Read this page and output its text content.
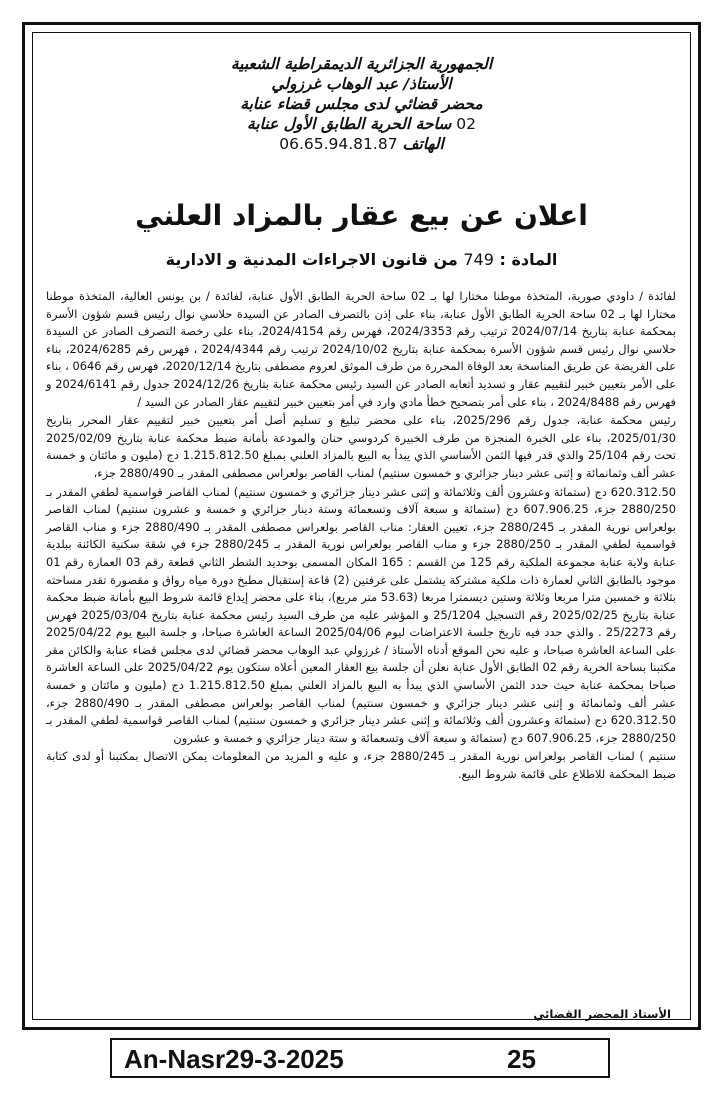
الجمهورية الجزائرية الديمقراطية الشعبية
الأستاذ/ عبد الوهاب غرزولي
محضر قضائي لدى مجلس قضاء عنابة
02 ساحة الحرية الطابق الأول عنابة
الهاتف 06.65.94.81.87
اعلان عن بيع عقار بالمزاد العلني
المادة : 749 من قانون الاجراءات المدنية و الادارية

لفائدة / داودي صورية، المتخذة موطنا مختارا لها بـ 02 ساحة الحرية الطابق الأول عنابة، لفائدة / بن يونس العالية، المتخذة موطنا مختارا لها بـ 02 ساحة الحرية الطابق الأول عنابة، بناء على إذن بالتصرف الصادر عن السيدة حلاسي نوال رئيس قسم شؤون الأسرة بمحكمة عنابة بتاريخ 2024/07/14 ترتيب رقم 2024/3353، فهرس رقم 2024/4154، بناء على رخصة التصرف الصادر عن السيدة حلاسي نوال رئيس قسم شؤون الأسرة بمحكمة عنابة بتاريخ 2024/10/02 ترتيب رقم 2024/4344 ، فهرس رقم 2024/6285، بناء على الفريضة عن طريق المناسخة بعد الوفاة المحررة من طرف الموثق لعروم مصطفى بتاريخ 2020/12/14، فهرس رقم 0646 ، بناء على الأمر بتعيين خبير لتقييم عقار و تسديد أتعابه الصادر عن السيد رئيس محكمة عنابة بتاريخ 2024/12/26 جدول رقم 2024/6141 و فهرس رقم 2024/8488 ، بناء على أمر بتصحيح خطأ مادي وارد في أمر بتعيين خبير لتقييم عقار الصادر عن السيد /

رئيس محكمة عنابة، جدول رقم 2025/296، بناء على محضر تبليغ و تسليم أصل أمر بتعيين خبير لتقييم عقار المحرر بتاريخ 2025/01/30، بناء على الخبرة المنجزة من طرف الخبيرة كردوسي حنان والمودعة بأمانة ضبط محكمة عنابة بتاريخ 2025/02/09 تحت رقم 25/104 والذي قدر فيها الثمن الأساسي الذي يبدأ به البيع بالمزاد العلني بمبلغ 1.215.812.50 دج (مليون و مائتان و خمسة عشر ألف وثمانمائة و إثنى عشر دينار جزائري و خمسون سنتيم) لمناب القاصر بولعراس مصطفى المقدر بـ 2880/490 جزء،

620.312.50 دج (ستمائة وعشرون ألف وثلاثمائة و إثنى عشر دينار جزائري و خمسون سنتيم) لمناب القاصر قواسمية لطفي المقدر بـ 2880/250 جزء، 607.906.25 دج (ستمائة و سبعة آلاف وتسعمائة وستة دينار جزائري و خمسة و عشرون سنتيم) لمناب القاصر بولعراس نورية المقدر بـ 2880/245 جزء، تعيين العقار: مناب القاصر بولعراس مصطفى المقدر بـ 2880/490 جزء و مناب القاصر قواسمية لطفي المقدر بـ 2880/250 جزء و مناب القاصر بولعراس نورية المقدر بـ 2880/245 جزء في شقة سكنية الكائنة ببلدية عنابة ولاية عنابة مجموعة الملكية رقم 125 من القسم : 165 المكان المسمى بوحديد الشطر الثاني قطعة رقم 03 العمارة رقم 01 موجود بالطابق الثاني لعمارة ذات ملكية مشتركة يشتمل على غرفتين (2) قاعة إستقبال مطبخ دورة مياه رواق و مقصورة تقدر مساحته بثلاثة و خمسين مترا مربعا وثلاثة وستين ديسمترا مربعا (53.63 متر مربع)، بناء على محضر إيداع قائمة شروط البيع بأمانة ضبط محكمة عنابة بتاريخ 2025/02/25 رقم التسجيل 25/1204 و المؤشر عليه من طرف السيد رئيس محكمة عنابة بتاريخ 2025/03/04 فهرس رقم 25/2273 . والذي حدد فيه تاريخ جلسة الاعتراضات ليوم 2025/04/06 الساعة العاشرة صباحا، و جلسة البيع يوم 2025/04/22 على الساعة العاشرة صباحا، و عليه نحن الموقع أدناه الأستاذ / غرزولي عبد الوهاب محضر قضائي لدى مجلس قضاء عنابة والكائن مقر مكتبنا بساحة الحرية رقم 02 الطابق الأول عنابة نعلن أن جلسة بيع العقار المعين أعلاه ستكون يوم 2025/04/22 على الساعة العاشرة صباحا بمحكمة عنابة حيث حدد الثمن الأساسي الذي يبدأ به البيع بالمزاد العلني بمبلغ 1.215.812.50 دج (مليون و مائتان و خمسة عشر ألف وثمانمائة و إثنى عشر دينار جزائري و خمسون سنتيم) لمناب القاصر بولعراس مصطفى المقدر بـ 2880/490 جزء، 620.312.50 دج (ستمائة وعشرون ألف وثلاثمائة و إثنى عشر دينار جزائري و خمسون سنتيم) لمناب القاصر قواسمية لطفي المقدر بـ 2880/250 جزء، 607.906.25 دج (ستمائة و سبعة آلاف وتسعمائة و ستة دينار جزائري و خمسة و عشرون

سنتيم ) لمناب القاصر بولعراس نورية المقدر بـ 2880/245 جزء، و عليه و المزيد من المعلومات يمكن الاتصال بمكتبنا أو لدى كتابة ضبط المحكمة للاطلاع على قائمة شروط البيع.

الأستاذ المحضر القضائي
An-Nasr29-3-2025	25
